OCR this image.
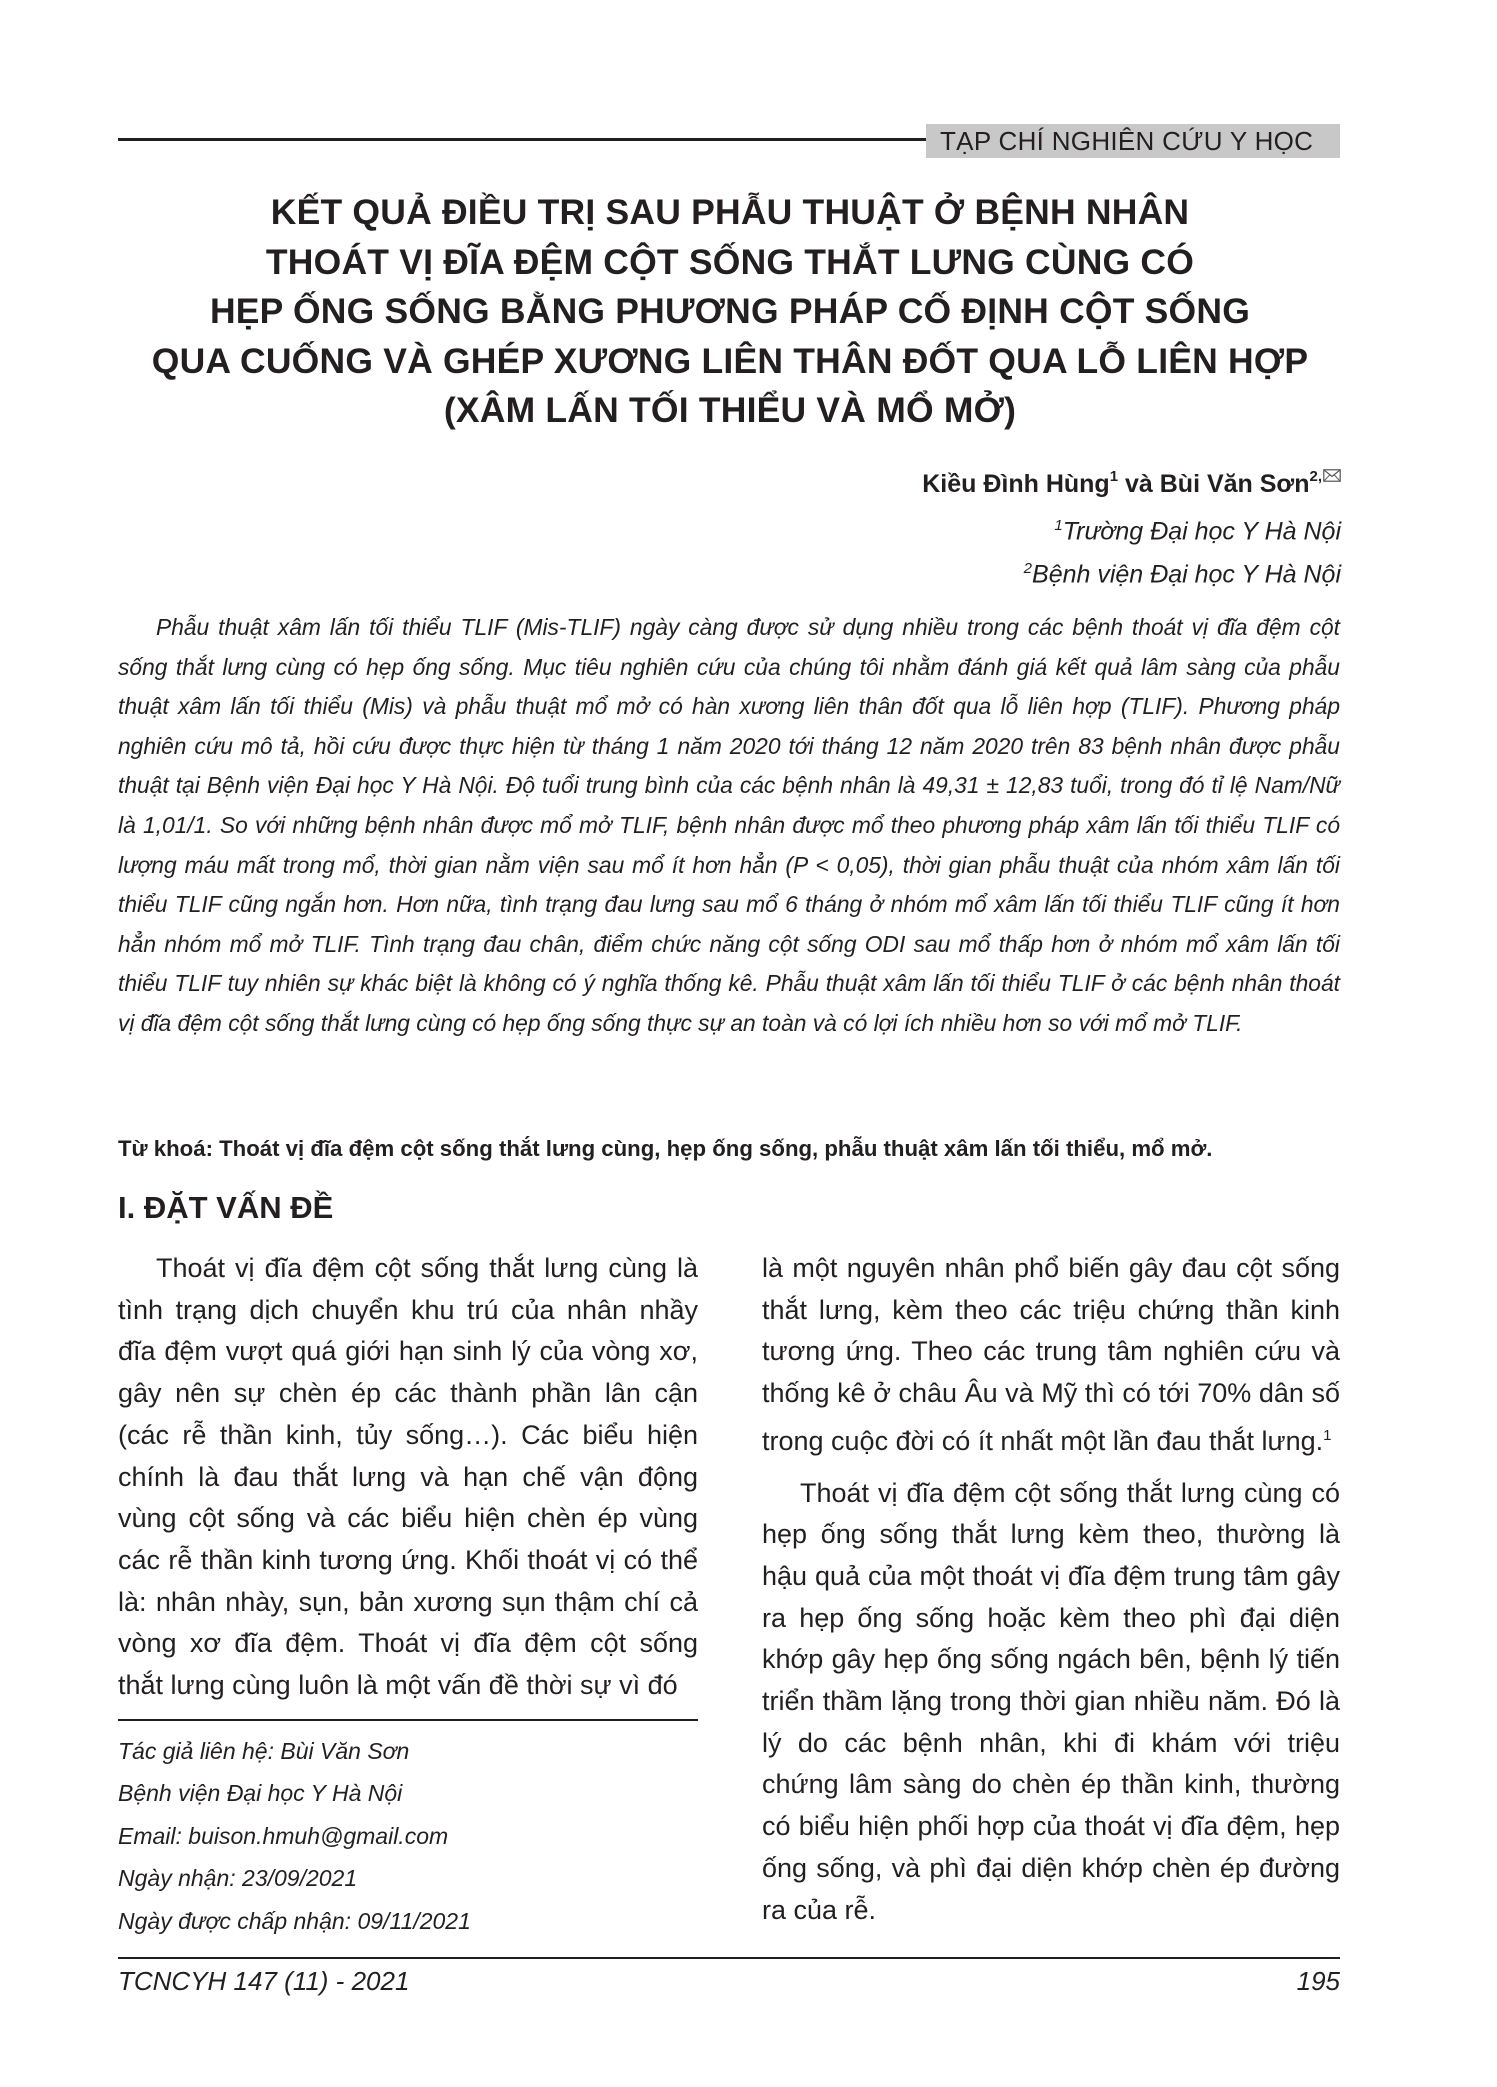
TẠP CHÍ NGHIÊN CỨU Y HỌC
KẾT QUẢ ĐIỀU TRỊ SAU PHẪU THUẬT Ở BỆNH NHÂN
THOÁT VỊ ĐĨA ĐỆM CỘT SỐNG THẮT LƯNG CÙNG CÓ
HẸP ỐNG SỐNG BẰNG PHƯƠNG PHÁP CỐ ĐỊNH CỘT SỐNG
QUA CUỐNG VÀ GHÉP XƯƠNG LIÊN THÂN ĐỐT QUA LỖ LIÊN HỢP
(XÂM LẤN TỐI THIỂU VÀ MỔ MỞ)
Kiều Đình Hùng$^1$ và Bùi Văn Sơn$^{2,}$
$^1$Trường Đại học Y Hà Nội
$^2$Bệnh viện Đại học Y Hà Nội
Phẫu thuật xâm lấn tối thiểu TLIF (Mis-TLIF) ngày càng được sử dụng nhiều trong các bệnh thoát vị đĩa đệm cột sống thắt lưng cùng có hẹp ống sống. Mục tiêu nghiên cứu của chúng tôi nhằm đánh giá kết quả lâm sàng của phẫu thuật xâm lấn tối thiểu (Mis) và phẫu thuật mổ mở có hàn xương liên thân đốt qua lỗ liên hợp (TLIF). Phương pháp nghiên cứu mô tả, hồi cứu được thực hiện từ tháng 1 năm 2020 tới tháng 12 năm 2020 trên 83 bệnh nhân được phẫu thuật tại Bệnh viện Đại học Y Hà Nội. Độ tuổi trung bình của các bệnh nhân là 49,31 ± 12,83 tuổi, trong đó tỉ lệ Nam/Nữ là 1,01/1. So với những bệnh nhân được mổ mở TLIF, bệnh nhân được mổ theo phương pháp xâm lấn tối thiểu TLIF có lượng máu mất trong mổ, thời gian nằm viện sau mổ ít hơn hẳn (P < 0,05), thời gian phẫu thuật của nhóm xâm lấn tối thiểu TLIF cũng ngắn hơn. Hơn nữa, tình trạng đau lưng sau mổ 6 tháng ở nhóm mổ xâm lấn tối thiểu TLIF cũng ít hơn hẳn nhóm mổ mở TLIF. Tình trạng đau chân, điểm chức năng cột sống ODI sau mổ thấp hơn ở nhóm mổ xâm lấn tối thiểu TLIF tuy nhiên sự khác biệt là không có ý nghĩa thống kê. Phẫu thuật xâm lấn tối thiểu TLIF ở các bệnh nhân thoát vị đĩa đệm cột sống thắt lưng cùng có hẹp ống sống thực sự an toàn và có lợi ích nhiều hơn so với mổ mở TLIF.
Từ khoá: Thoát vị đĩa đệm cột sống thắt lưng cùng, hẹp ống sống, phẫu thuật xâm lấn tối thiểu, mổ mở.
I. ĐẶT VẤN ĐỀ

Thoát vị đĩa đệm cột sống thắt lưng cùng là tình trạng dịch chuyển khu trú của nhân nhầy đĩa đệm vượt quá giới hạn sinh lý của vòng xơ, gây nên sự chèn ép các thành phần lân cận (các rễ thần kinh, tủy sống…). Các biểu hiện chính là đau thắt lưng và hạn chế vận động vùng cột sống và các biểu hiện chèn ép vùng các rễ thần kinh tương ứng. Khối thoát vị có thể là: nhân nhày, sụn, bản xương sụn thậm chí cả vòng xơ đĩa đệm. Thoát vị đĩa đệm cột sống thắt lưng cùng luôn là một vấn đề thời sự vì đó

là một nguyên nhân phổ biến gây đau cột sống thắt lưng, kèm theo các triệu chứng thần kinh tương ứng. Theo các trung tâm nghiên cứu và thống kê ở châu Âu và Mỹ thì có tới 70% dân số trong cuộc đời có ít nhất một lần đau thắt lưng.$^1$

Thoát vị đĩa đệm cột sống thắt lưng cùng có hẹp ống sống thắt lưng kèm theo, thường là hậu quả của một thoát vị đĩa đệm trung tâm gây ra hẹp ống sống hoặc kèm theo phì đại diện khớp gây hẹp ống sống ngách bên, bệnh lý tiến triển thầm lặng trong thời gian nhiều năm. Đó là lý do các bệnh nhân, khi đi khám với triệu chứng lâm sàng do chèn ép thần kinh, thường có biểu hiện phối hợp của thoát vị đĩa đệm, hẹp ống sống, và phì đại diện khớp chèn ép đường ra của rễ.

Tác giả liên hệ: Bùi Văn Sơn
Bệnh viện Đại học Y Hà Nội
Email: buison.hmuh@gmail.com
Ngày nhận: 23/09/2021
Ngày được chấp nhận: 09/11/2021
TCNCYH 147 (11) - 2021	195
